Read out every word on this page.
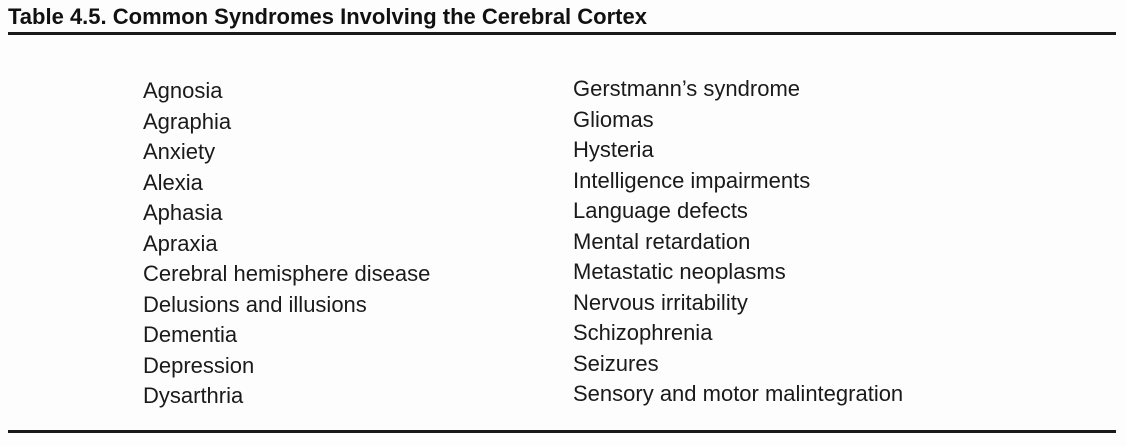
Table 4.5. Common Syndromes Involving the Cerebral Cortex
Agnosia
Agraphia
Anxiety
Alexia
Aphasia
Apraxia
Cerebral hemisphere disease
Delusions and illusions
Dementia
Depression
Dysarthria
Gerstmann’s syndrome
Gliomas
Hysteria
Intelligence impairments
Language defects
Mental retardation
Metastatic neoplasms
Nervous irritability
Schizophrenia
Seizures
Sensory and motor malintegration
